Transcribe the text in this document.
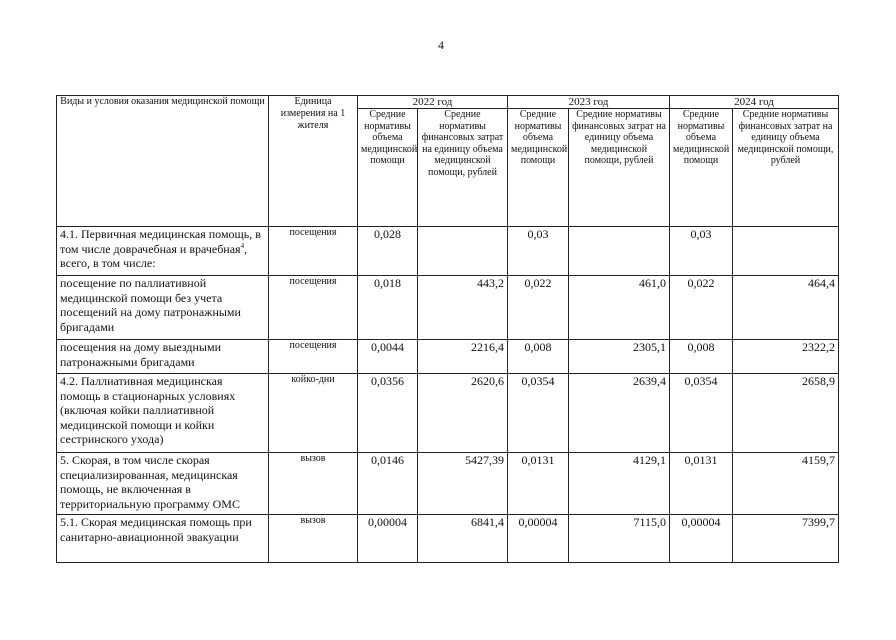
4
Виды и условия оказания медицинской помощи	Единица измерения на 1 жителя	2022 год		2023 год		2024 год	
		Средние нормативы объема медицинской помощи	Средние нормативы финансовых затрат на единицу объема медицинской помощи, рублей	Средние нормативы объема медицинской помощи	Средние нормативы финансовых затрат на единицу объема медицинской помощи, рублей	Средние нормативы объема медицинской помощи	Средние нормативы финансовых затрат на единицу объема медицинской помощи, рублей
4.1. Первичная медицинская помощь, в том числе доврачебная и врачебная$^4$, всего, в том числе:	посещения	0,028		0,03		0,03	
посещение по паллиативной медицинской помощи без учета посещений на дому патронажными бригадами	посещения	0,018	443,2	0,022	461,0	0,022	464,4
посещения на дому выездными патронажными бригадами	посещения	0,0044	2216,4	0,008	2305,1	0,008	2322,2
4.2. Паллиативная медицинская помощь в стационарных условиях (включая койки паллиативной медицинской помощи и койки сестринского ухода)	койко-дни	0,0356	2620,6	0,0354	2639,4	0,0354	2658,9
5. Скорая, в том числе скорая специализированная, медицинская помощь, не включенная в территориальную программу ОМС	вызов	0,0146	5427,39	0,0131	4129,1	0,0131	4159,7
5.1. Скорая медицинская помощь при санитарно-авиационной эвакуации	вызов	0,00004	6841,4	0,00004	7115,0	0,00004	7399,7
